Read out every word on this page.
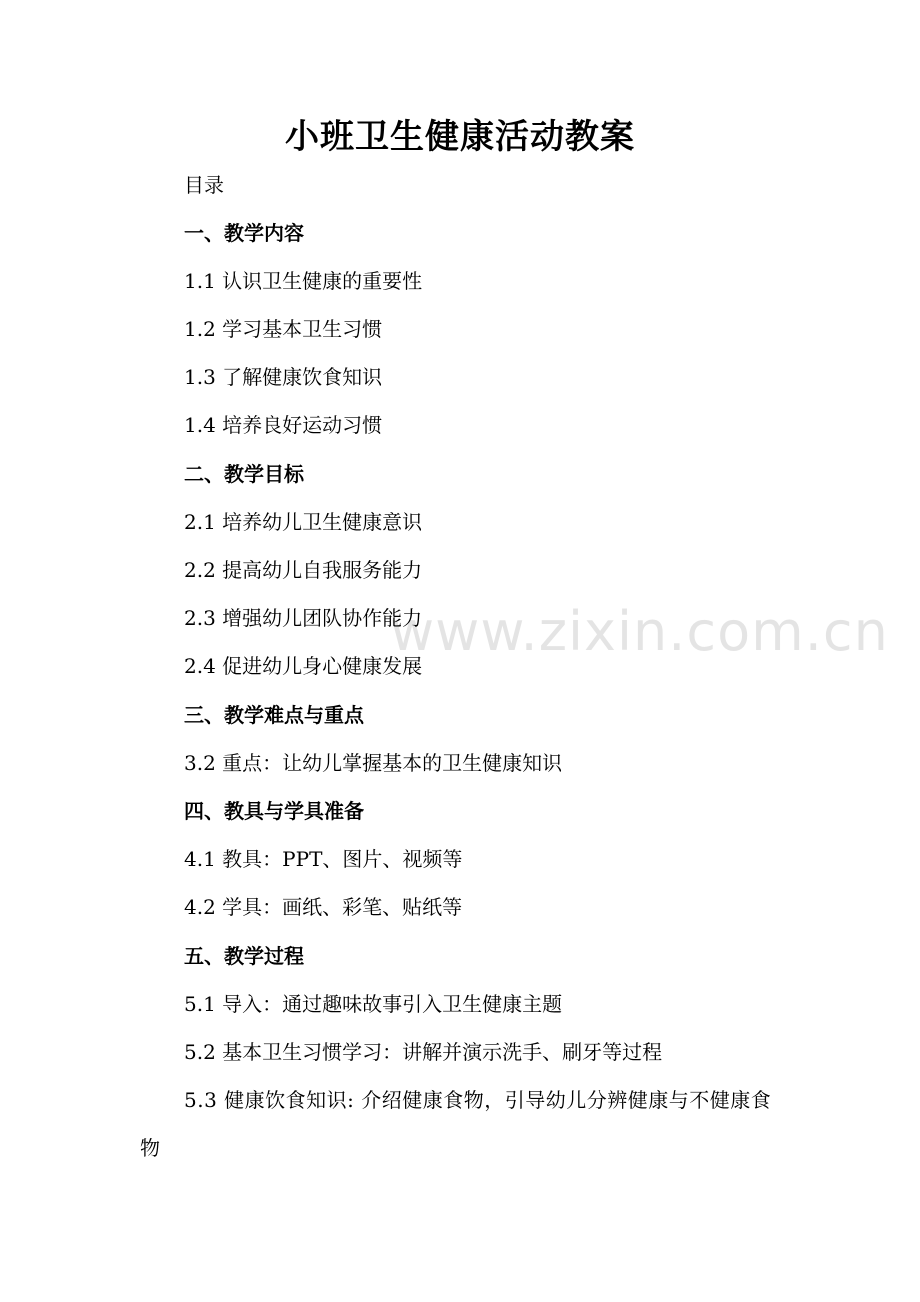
小班卫生健康活动教案
目录
一、教学内容
1.1 认识卫生健康的重要性
1.2 学习基本卫生习惯
1.3 了解健康饮食知识
1.4 培养良好运动习惯
二、教学目标
2.1 培养幼儿卫生健康意识
2.2 提高幼儿自我服务能力
2.3 增强幼儿团队协作能力
2.4 促进幼儿身心健康发展
三、教学难点与重点
3.2 重点：让幼儿掌握基本的卫生健康知识
四、教具与学具准备
4.1 教具：PPT、图片、视频等
4.2 学具：画纸、彩笔、贴纸等
五、教学过程
5.1 导入：通过趣味故事引入卫生健康主题
5.2 基本卫生习惯学习：讲解并演示洗手、刷牙等过程
5.3 健康饮食知识: 介绍健康食物，引导幼儿分辨健康与不健康食物
www.zixin.com.cn
